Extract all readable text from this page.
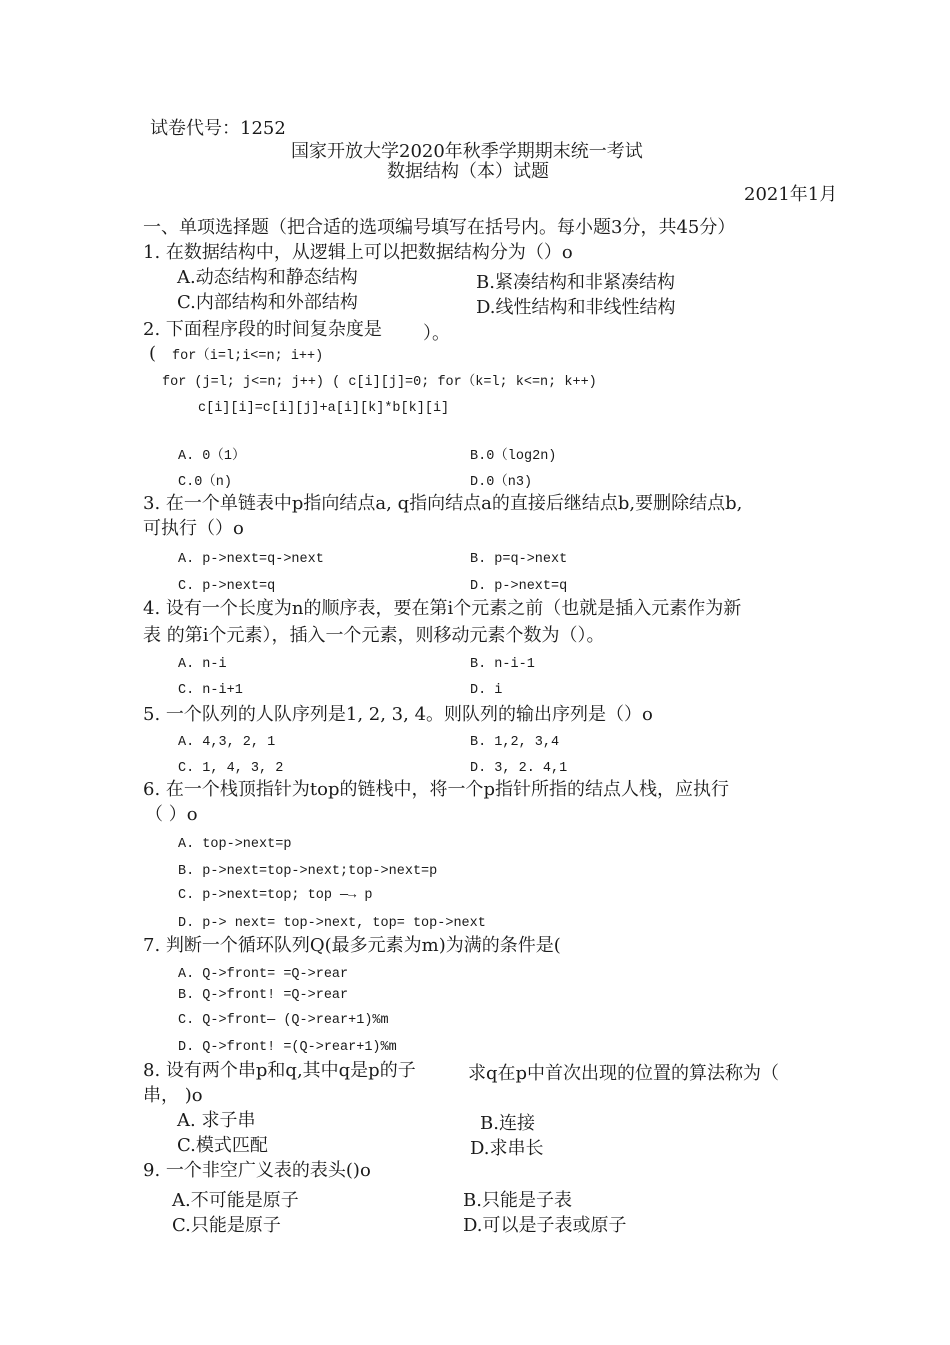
试卷代号：1252
国家开放大学2020年秋季学期期末统一考试
数据结构（本）试题
2021年1月
一、单项选择题（把合适的选项编号填写在括号内。每小题3分，共45分）
1. 在数据结构中，从逻辑上可以把数据结构分为（）o
A.动态结构和静态结构	B.紧凑结构和非紧凑结构
C.内部结构和外部结构	D.线性结构和非线性结构
2. 下面程序段的时间复杂度是 ）。
( for（i=l;i<=n; i++)
for (j=l; j<=n; j++) ( c[i][j]=0; for（k=l; k<=n; k++)
c[i][i]=c[i][j]+a[i][k]*b[k][i]
A. 0（1）	B.0（log2n)
C.0（n)	D.0（n3)
3. 在一个单链表中p指向结点a, q指向结点a的直接后继结点b,要删除结点b,
可执行（）o
A. p->next=q->next	B. p=q->next
C. p->next=q	D. p->next=q
4. 设有一个长度为n的顺序表，要在第i个元素之前（也就是插入元素作为新
表 的第i个元素），插入一个元素，则移动元素个数为（）。
A. n-i	B. n-i-1
C. n-i+1	D. i
5. 一个队列的人队序列是1, 2, 3, 4。则队列的输出序列是（）o
A. 4,3, 2, 1	B. 1,2, 3,4
C. 1, 4, 3, 2	D. 3, 2. 4,1
6. 在一个栈顶指针为top的链栈中，将一个p指针所指的结点人栈，应执行
（ ）o
A. top->next=p
B. p->next=top->next;top->next=p
C. p->next=top; top —→ p
D. p-> next= top->next, top= top->next
7. 判断一个循环队列Q(最多元素为m)为满的条件是(
A. Q->front= =Q->rear
B. Q->front! =Q->rear
C. Q->front— (Q->rear+1)%m
D. Q->front! =(Q->rear+1)%m
8. 设有两个串p和q,其中q是p的子	求q在p中首次出现的位置的算法称为（
串， )o
A. 求子串	B.连接
C.模式匹配	D.求串长
9. 一个非空广义表的表头()o
A.不可能是原子	B.只能是子表
C.只能是原子	D.可以是子表或原子
